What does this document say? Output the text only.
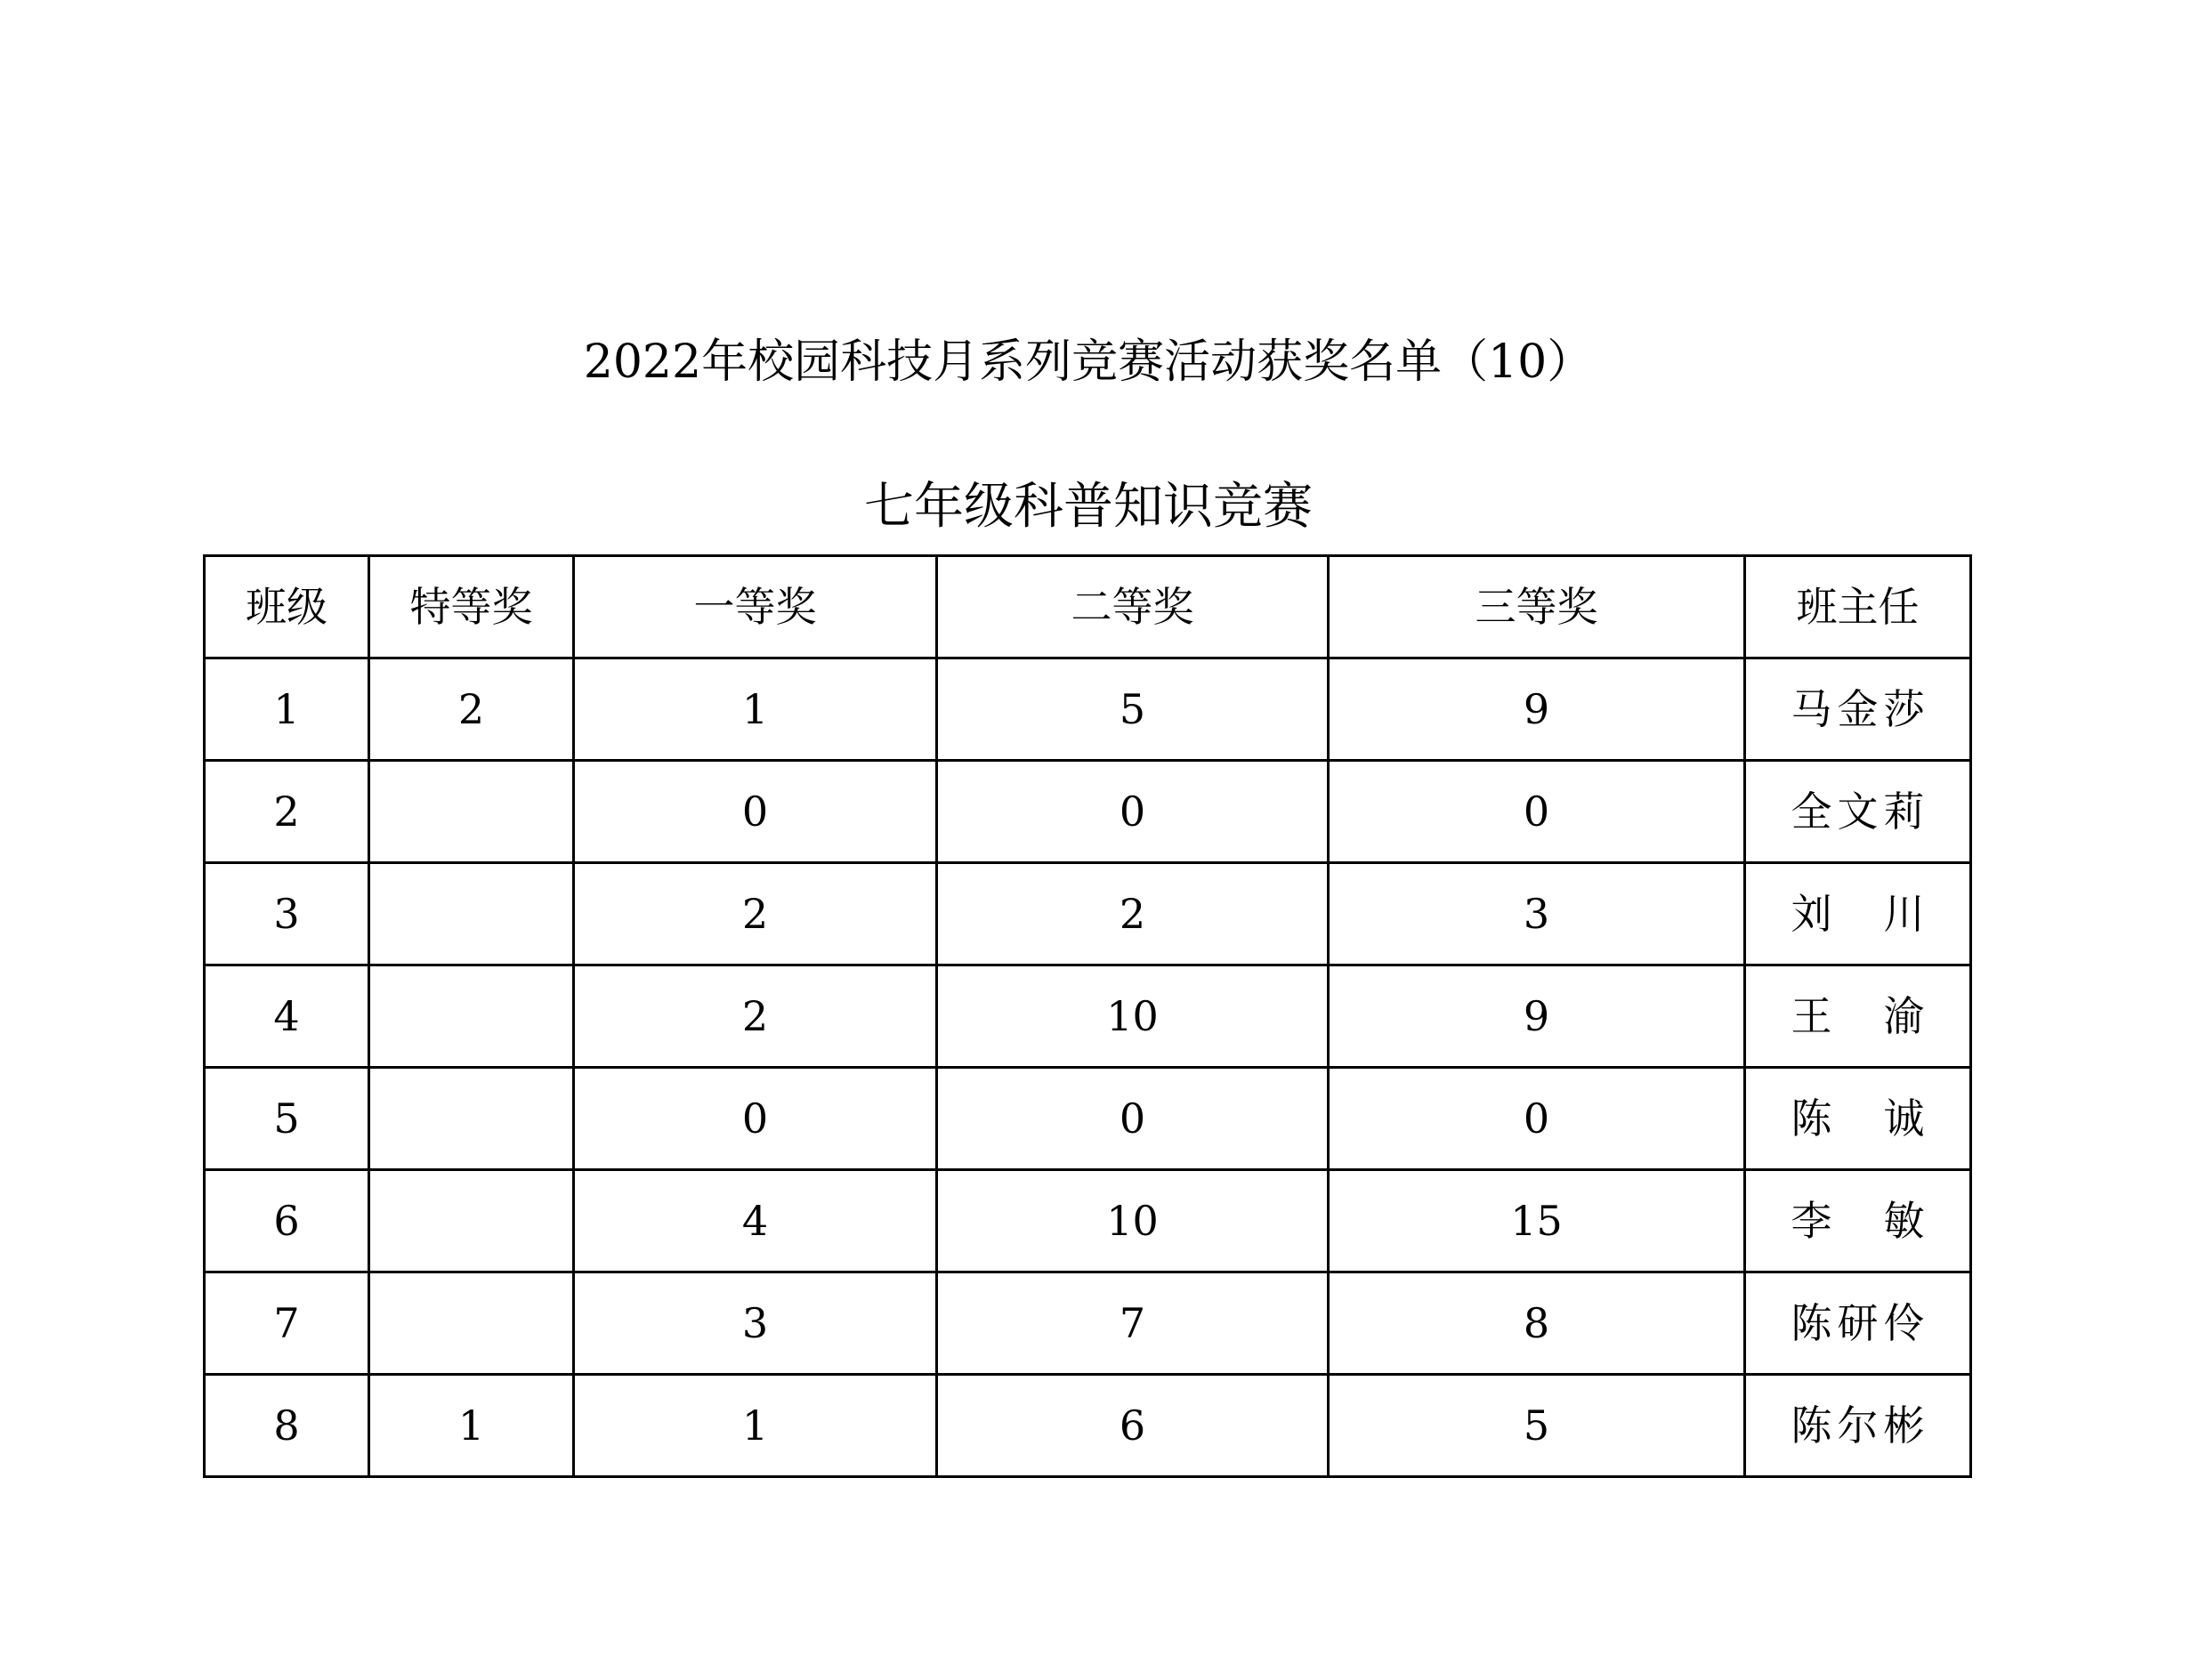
2022年校园科技月系列竞赛活动获奖名单（10）
七年级科普知识竞赛
班级	特等奖	一等奖	二等奖	三等奖	班主任
1	2	1	5	9	马金莎
2		0	0	0	全文莉
3		2	2	3	刘 川
4		2	10	9	王 渝
5		0	0	0	陈 诚
6		4	10	15	李 敏
7		3	7	8	陈研伶
8	1	1	6	5	陈尔彬
